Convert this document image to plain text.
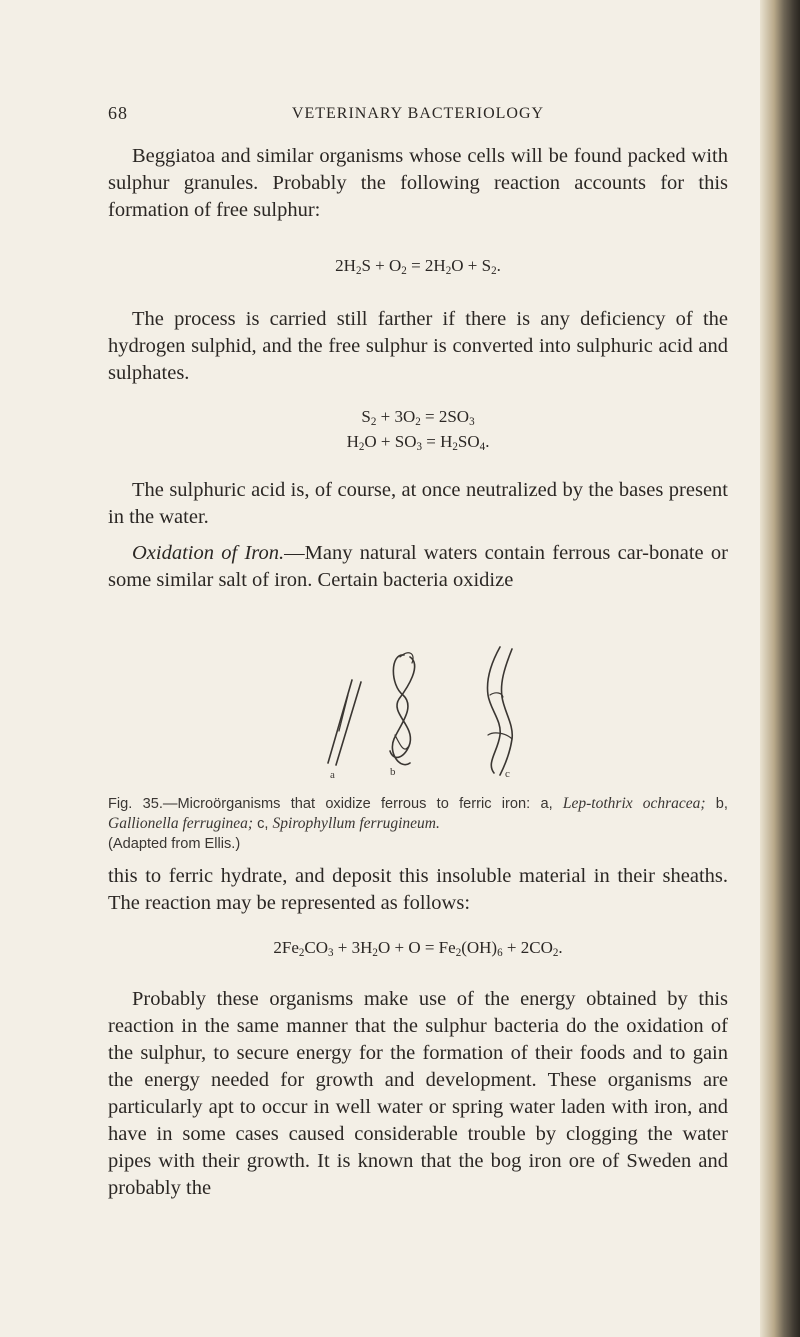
68	VETERINARY BACTERIOLOGY

Beggiatoa and similar organisms whose cells will be found packed with sulphur granules. Probably the following reaction accounts for this formation of free sulphur:

$2H_2S + O_2 = 2H_2O + S_2$.

The process is carried still farther if there is any deficiency of the hydrogen sulphid, and the free sulphur is converted into sulphuric acid and sulphates.

$S_2 + 3O_2 = 2SO_3$
$H_2O + SO_3 = H_2SO_4$.

The sulphuric acid is, of course, at once neutralized by the bases present in the water.

Oxidation of Iron.—Many natural waters contain ferrous car-bonate or some similar salt of iron. Certain bacteria oxidize

a	b	c
Fig. 35.—Microörganisms that oxidize ferrous to ferric iron: a, Lep-tothrix ochracea; b, Gallionella ferruginea; c, Spirophyllum ferrugineum.
(Adapted from Ellis.)

this to ferric hydrate, and deposit this insoluble material in their sheaths. The reaction may be represented as follows:

$2Fe_2CO_3 + 3H_2O + O = Fe_2(OH)_6 + 2CO_2$.

Probably these organisms make use of the energy obtained by this reaction in the same manner that the sulphur bacteria do the oxidation of the sulphur, to secure energy for the formation of their foods and to gain the energy needed for growth and development. These organisms are particularly apt to occur in well water or spring water laden with iron, and have in some cases caused considerable trouble by clogging the water pipes with their growth. It is known that the bog iron ore of Sweden and probably the
